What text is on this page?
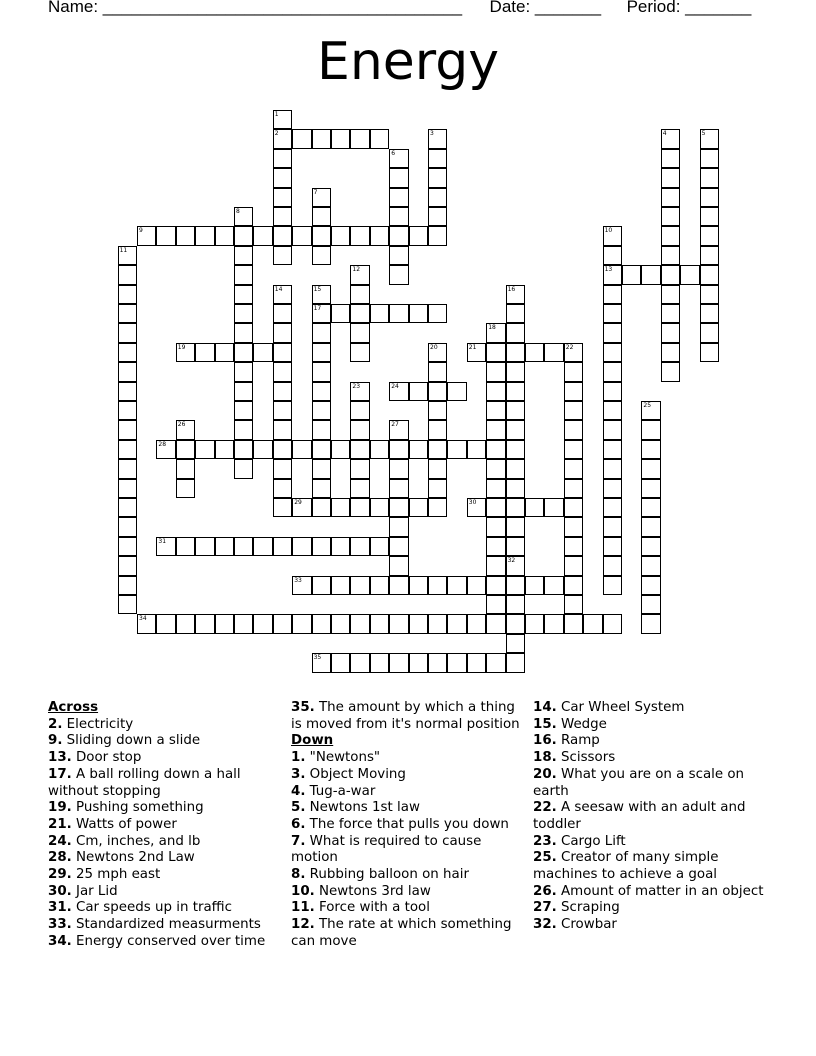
Name: ______________________________________ Date: _______ Period: _______
Energy
1
2	3	4	5
6
7
8
9	10
13
11
12
14	15
17
16
18
19	20	21	22
23	24
25
26	27
28
29	30
31
32
33
34
35
Across
2. Electricity
9. Sliding down a slide
13. Door stop
17. A ball rolling down a hall without stopping
19. Pushing something
21. Watts of power
24. Cm, inches, and lb
28. Newtons 2nd Law
29. 25 mph east
30. Jar Lid
31. Car speeds up in traffic
33. Standardized measurments
34. Energy conserved over time
35. The amount by which a thing is moved from it's normal position
Down
1. "Newtons"
3. Object Moving
4. Tug-a-war
5. Newtons 1st law
6. The force that pulls you down
7. What is required to cause motion
8. Rubbing balloon on hair
10. Newtons 3rd law
11. Force with a tool
12. The rate at which something can move
14. Car Wheel System
15. Wedge
16. Ramp
18. Scissors
20. What you are on a scale on earth
22. A seesaw with an adult and toddler
23. Cargo Lift
25. Creator of many simple machines to achieve a goal
26. Amount of matter in an object
27. Scraping
32. Crowbar
